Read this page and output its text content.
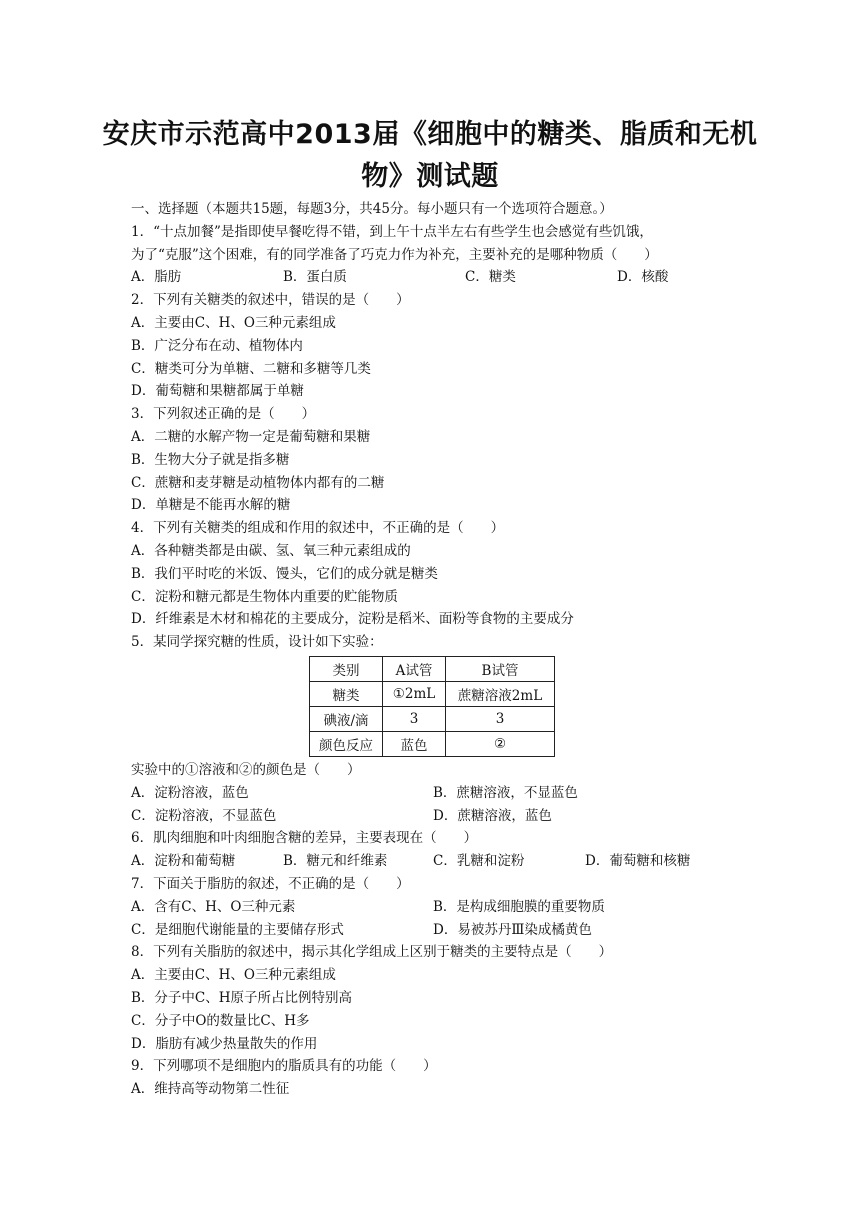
安庆市示范高中2013届《细胞中的糖类、脂质和无机
物》测试题
一、选择题（本题共15题，每题3分，共45分。每小题只有一个选项符合题意。）
1．“十点加餐”是指即使早餐吃得不错，到上午十点半左右有些学生也会感觉有些饥饿，
为了“克服”这个困难，有的同学准备了巧克力作为补充，主要补充的是哪种物质（　　）
A．脂肪	B．蛋白质	C．糖类	D．核酸
2．下列有关糖类的叙述中，错误的是（　　）
A．主要由C、H、O三种元素组成
B．广泛分布在动、植物体内
C．糖类可分为单糖、二糖和多糖等几类
D．葡萄糖和果糖都属于单糖
3．下列叙述正确的是（　　）
A．二糖的水解产物一定是葡萄糖和果糖
B．生物大分子就是指多糖
C．蔗糖和麦芽糖是动植物体内都有的二糖
D．单糖是不能再水解的糖
4．下列有关糖类的组成和作用的叙述中，不正确的是（　　）
A．各种糖类都是由碳、氢、氧三种元素组成的
B．我们平时吃的米饭、馒头，它们的成分就是糖类
C．淀粉和糖元都是生物体内重要的贮能物质
D．纤维素是木材和棉花的主要成分，淀粉是稻米、面粉等食物的主要成分
5．某同学探究糖的性质，设计如下实验：
类别	A试管	B试管
糖类	①2mL	蔗糖溶液2mL
碘液/滴	3	3
颜色反应	蓝色	②
实验中的①溶液和②的颜色是（　　）
A．淀粉溶液，蓝色	B．蔗糖溶液，不显蓝色
C．淀粉溶液，不显蓝色	D．蔗糖溶液，蓝色
6．肌肉细胞和叶肉细胞含糖的差异，主要表现在（　　）
A．淀粉和葡萄糖	B．糖元和纤维素	C．乳糖和淀粉	D．葡萄糖和核糖
7．下面关于脂肪的叙述，不正确的是（　　）
A．含有C、H、O三种元素	B．是构成细胞膜的重要物质
C．是细胞代谢能量的主要储存形式	D．易被苏丹Ⅲ染成橘黄色
8．下列有关脂肪的叙述中，揭示其化学组成上区别于糖类的主要特点是（　　）
A．主要由C、H、O三种元素组成
B．分子中C、H原子所占比例特别高
C．分子中O的数量比C、H多
D．脂肪有减少热量散失的作用
9．下列哪项不是细胞内的脂质具有的功能（　　）
A．维持高等动物第二性征
